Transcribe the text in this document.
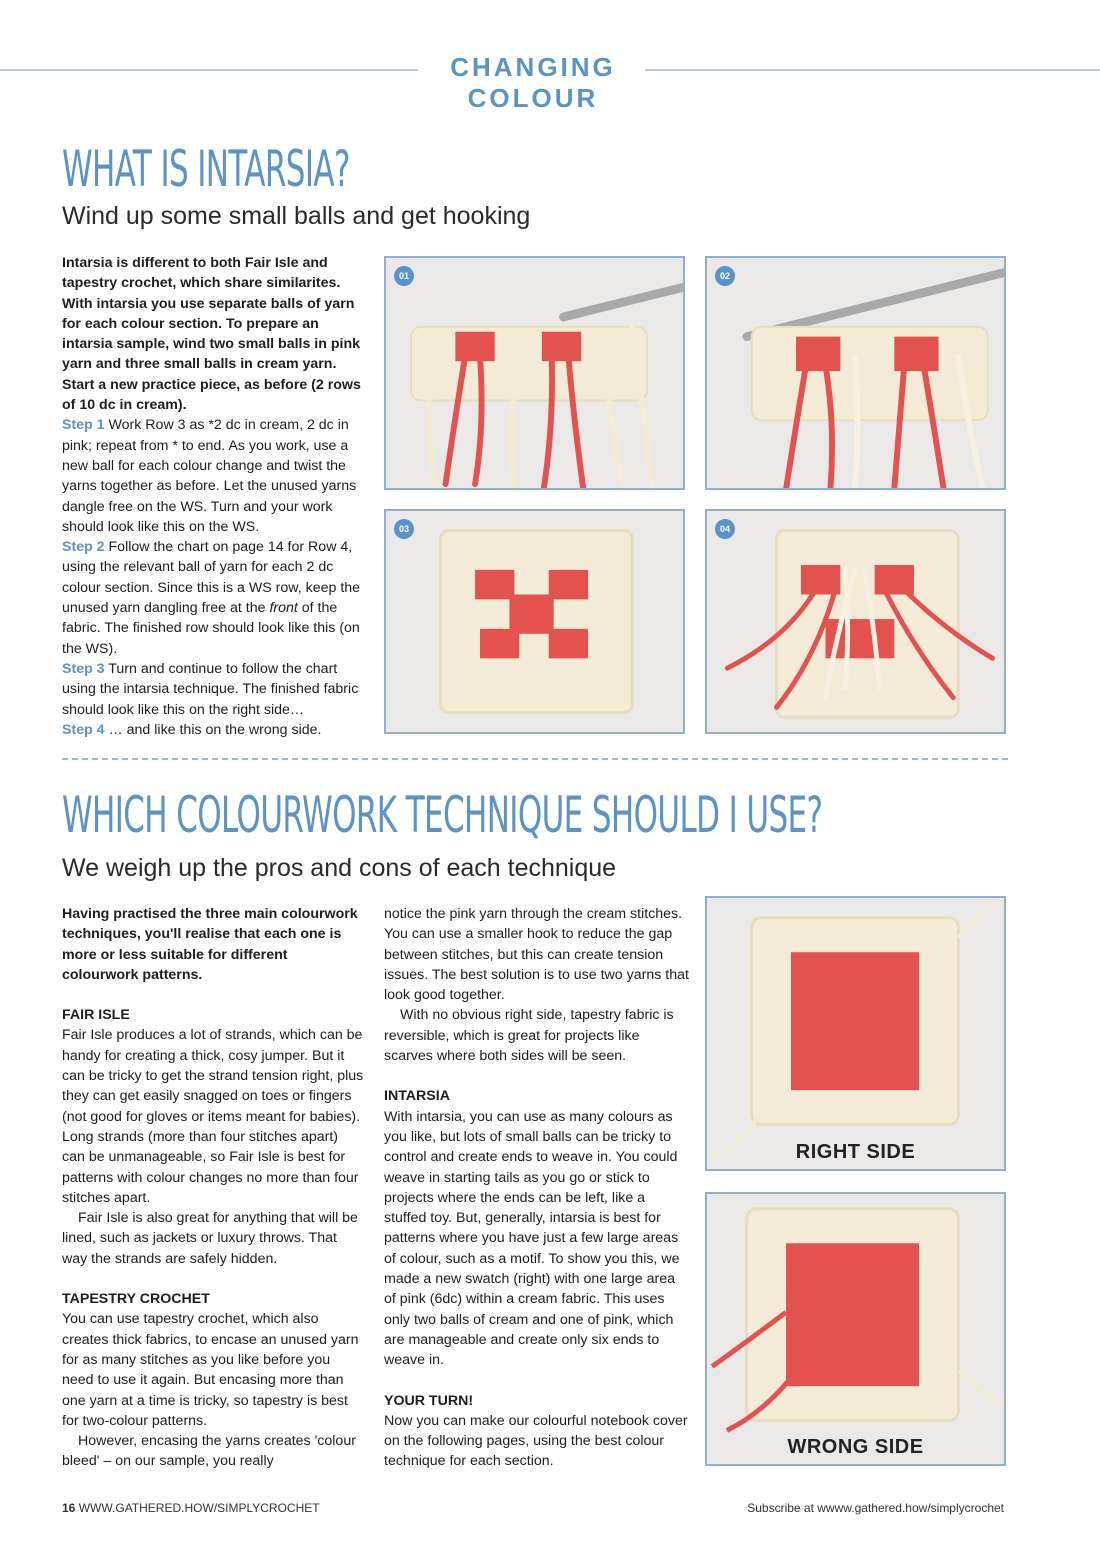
CHANGING COLOUR
WHAT IS INTARSIA?
Wind up some small balls and get hooking

Intarsia is different to both Fair Isle and tapestry crochet, which share similarites. With intarsia you use separate balls of yarn for each colour section. To prepare an intarsia sample, wind two small balls in pink yarn and three small balls in cream yarn. Start a new practice piece, as before (2 rows of 10 dc in cream).

Step 1 Work Row 3 as *2 dc in cream, 2 dc in pink; repeat from * to end. As you work, use a new ball for each colour change and twist the yarns together as before. Let the unused yarns dangle free on the WS. Turn and your work should look like this on the WS.

Step 2 Follow the chart on page 14 for Row 4, using the relevant ball of yarn for each 2 dc colour section. Since this is a WS row, keep the unused yarn dangling free at the front of the fabric. The finished row should look like this (on the WS).

Step 3 Turn and continue to follow the chart using the intarsia technique. The finished fabric should look like this on the right side…

Step 4 … and like this on the wrong side.

01	02
03	04
WHICH COLOURWORK TECHNIQUE SHOULD I USE?
We weigh up the pros and cons of each technique

Having practised the three main colourwork techniques, you'll realise that each one is more or less suitable for different colourwork patterns.

FAIR ISLE

Fair Isle produces a lot of strands, which can be handy for creating a thick, cosy jumper. But it can be tricky to get the strand tension right, plus they can get easily snagged on toes or fingers (not good for gloves or items meant for babies). Long strands (more than four stitches apart) can be unmanageable, so Fair Isle is best for patterns with colour changes no more than four stitches apart.

Fair Isle is also great for anything that will be lined, such as jackets or luxury throws. That way the strands are safely hidden.

TAPESTRY CROCHET

You can use tapestry crochet, which also creates thick fabrics, to encase an unused yarn for as many stitches as you like before you need to use it again. But encasing more than one yarn at a time is tricky, so tapestry is best for two-colour patterns.

However, encasing the yarns creates 'colour bleed' – on our sample, you really

notice the pink yarn through the cream stitches. You can use a smaller hook to reduce the gap between stitches, but this can create tension issues. The best solution is to use two yarns that look good together.

With no obvious right side, tapestry fabric is reversible, which is great for projects like scarves where both sides will be seen.

INTARSIA

With intarsia, you can use as many colours as you like, but lots of small balls can be tricky to control and create ends to weave in. You could weave in starting tails as you go or stick to projects where the ends can be left, like a stuffed toy. But, generally, intarsia is best for patterns where you have just a few large areas of colour, such as a motif. To show you this, we made a new swatch (right) with one large area of pink (6dc) within a cream fabric. This uses only two balls of cream and one of pink, which are manageable and create only six ends to weave in.

YOUR TURN!

Now you can make our colourful notebook cover on the following pages, using the best colour technique for each section.

RIGHT SIDE
WRONG SIDE
16 WWW.GATHERED.HOW/SIMPLYCROCHET	Subscribe at wwww.gathered.how/simplycrochet
